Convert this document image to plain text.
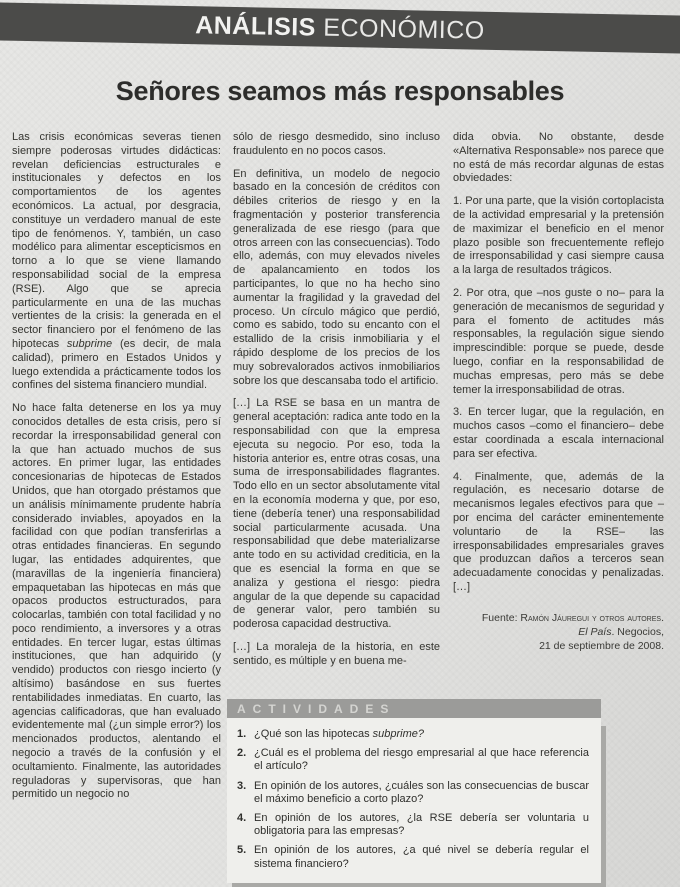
ANÁLISIS ECONÓMICO
Señores seamos más responsables

Las crisis económicas severas tienen siempre poderosas virtudes didácticas: revelan deficiencias estructurales e institucionales y defectos en los comportamientos de los agentes económicos. La actual, por desgracia, constituye un verdadero manual de este tipo de fenómenos. Y, también, un caso modélico para alimentar escepticismos en torno a lo que se viene llamando responsabilidad social de la empresa (RSE). Algo que se aprecia particularmente en una de las muchas vertientes de la crisis: la generada en el sector financiero por el fenómeno de las hipotecas subprime (es decir, de mala calidad), primero en Estados Unidos y luego extendida a prácticamente todos los confines del sistema financiero mundial.

No hace falta detenerse en los ya muy conocidos detalles de esta crisis, pero sí recordar la irresponsabilidad general con la que han actuado muchos de sus actores. En primer lugar, las entidades concesionarias de hipotecas de Estados Unidos, que han otorgado préstamos que un análisis mínimamente prudente habría considerado inviables, apoyados en la facilidad con que podían transferirlas a otras entidades financieras. En segundo lugar, las entidades adquirentes, que (maravillas de la ingeniería financiera) empaquetaban las hipotecas en más que opacos productos estructurados, para colocarlas, también con total facilidad y no poco rendimiento, a inversores y a otras entidades. En tercer lugar, estas últimas instituciones, que han adquirido (y vendido) productos con riesgo incierto (y altísimo) basándose en sus fuertes rentabilidades inmediatas. En cuarto, las agencias calificadoras, que han evaluado evidentemente mal (¿un simple error?) los mencionados productos, alentando el negocio a través de la confusión y el ocultamiento. Finalmente, las autoridades reguladoras y supervisoras, que han permitido un negocio no

sólo de riesgo desmedido, sino incluso fraudulento en no pocos casos.

En definitiva, un modelo de negocio basado en la concesión de créditos con débiles criterios de riesgo y en la fragmentación y posterior transferencia generalizada de ese riesgo (para que otros arreen con las consecuencias). Todo ello, además, con muy elevados niveles de apalancamiento en todos los participantes, lo que no ha hecho sino aumentar la fragilidad y la gravedad del proceso. Un círculo mágico que perdió, como es sabido, todo su encanto con el estallido de la crisis inmobiliaria y el rápido desplome de los precios de los muy sobrevalorados activos inmobiliarios sobre los que descansaba todo el artificio.

[…] La RSE se basa en un mantra de general aceptación: radica ante todo en la responsabilidad con que la empresa ejecuta su negocio. Por eso, toda la historia anterior es, entre otras cosas, una suma de irresponsabilidades flagrantes. Todo ello en un sector absolutamente vital en la economía moderna y que, por eso, tiene (debería tener) una responsabilidad social particularmente acusada. Una responsabilidad que debe materializarse ante todo en su actividad crediticia, en la que es esencial la forma en que se analiza y gestiona el riesgo: piedra angular de la que depende su capacidad de generar valor, pero también su poderosa capacidad destructiva.

[…] La moraleja de la historia, en este sentido, es múltiple y en buena me-

dida obvia. No obstante, desde «Alternativa Responsable» nos parece que no está de más recordar algunas de estas obviedades:

1. Por una parte, que la visión cortoplacista de la actividad empresarial y la pretensión de maximizar el beneficio en el menor plazo posible son frecuentemente reflejo de irresponsabilidad y casi siempre causa a la larga de resultados trágicos.

2. Por otra, que –nos guste o no– para la generación de mecanismos de seguridad y para el fomento de actitudes más responsables, la regulación sigue siendo imprescindible: porque se puede, desde luego, confiar en la responsabilidad de muchas empresas, pero más se debe temer la irresponsabilidad de otras.

3. En tercer lugar, que la regulación, en muchos casos –como el financiero– debe estar coordinada a escala internacional para ser efectiva.

4. Finalmente, que, además de la regulación, es necesario dotarse de mecanismos legales efectivos para que –por encima del carácter eminentemente voluntario de la RSE– las irresponsabilidades empresariales graves que produzcan daños a terceros sean adecuadamente conocidas y penalizadas. […]

Fuente: Ramón Jáuregui y otros autores.
El País. Negocios,
21 de septiembre de 2008.
ACTIVIDADES
1. ¿Qué son las hipotecas subprime?
2. ¿Cuál es el problema del riesgo empresarial al que hace referencia el artículo?
3. En opinión de los autores, ¿cuáles son las consecuencias de buscar el máximo beneficio a corto plazo?
4. En opinión de los autores, ¿la RSE debería ser voluntaria u obligatoria para las empresas?
5. En opinión de los autores, ¿a qué nivel se debería regular el sistema financiero?
